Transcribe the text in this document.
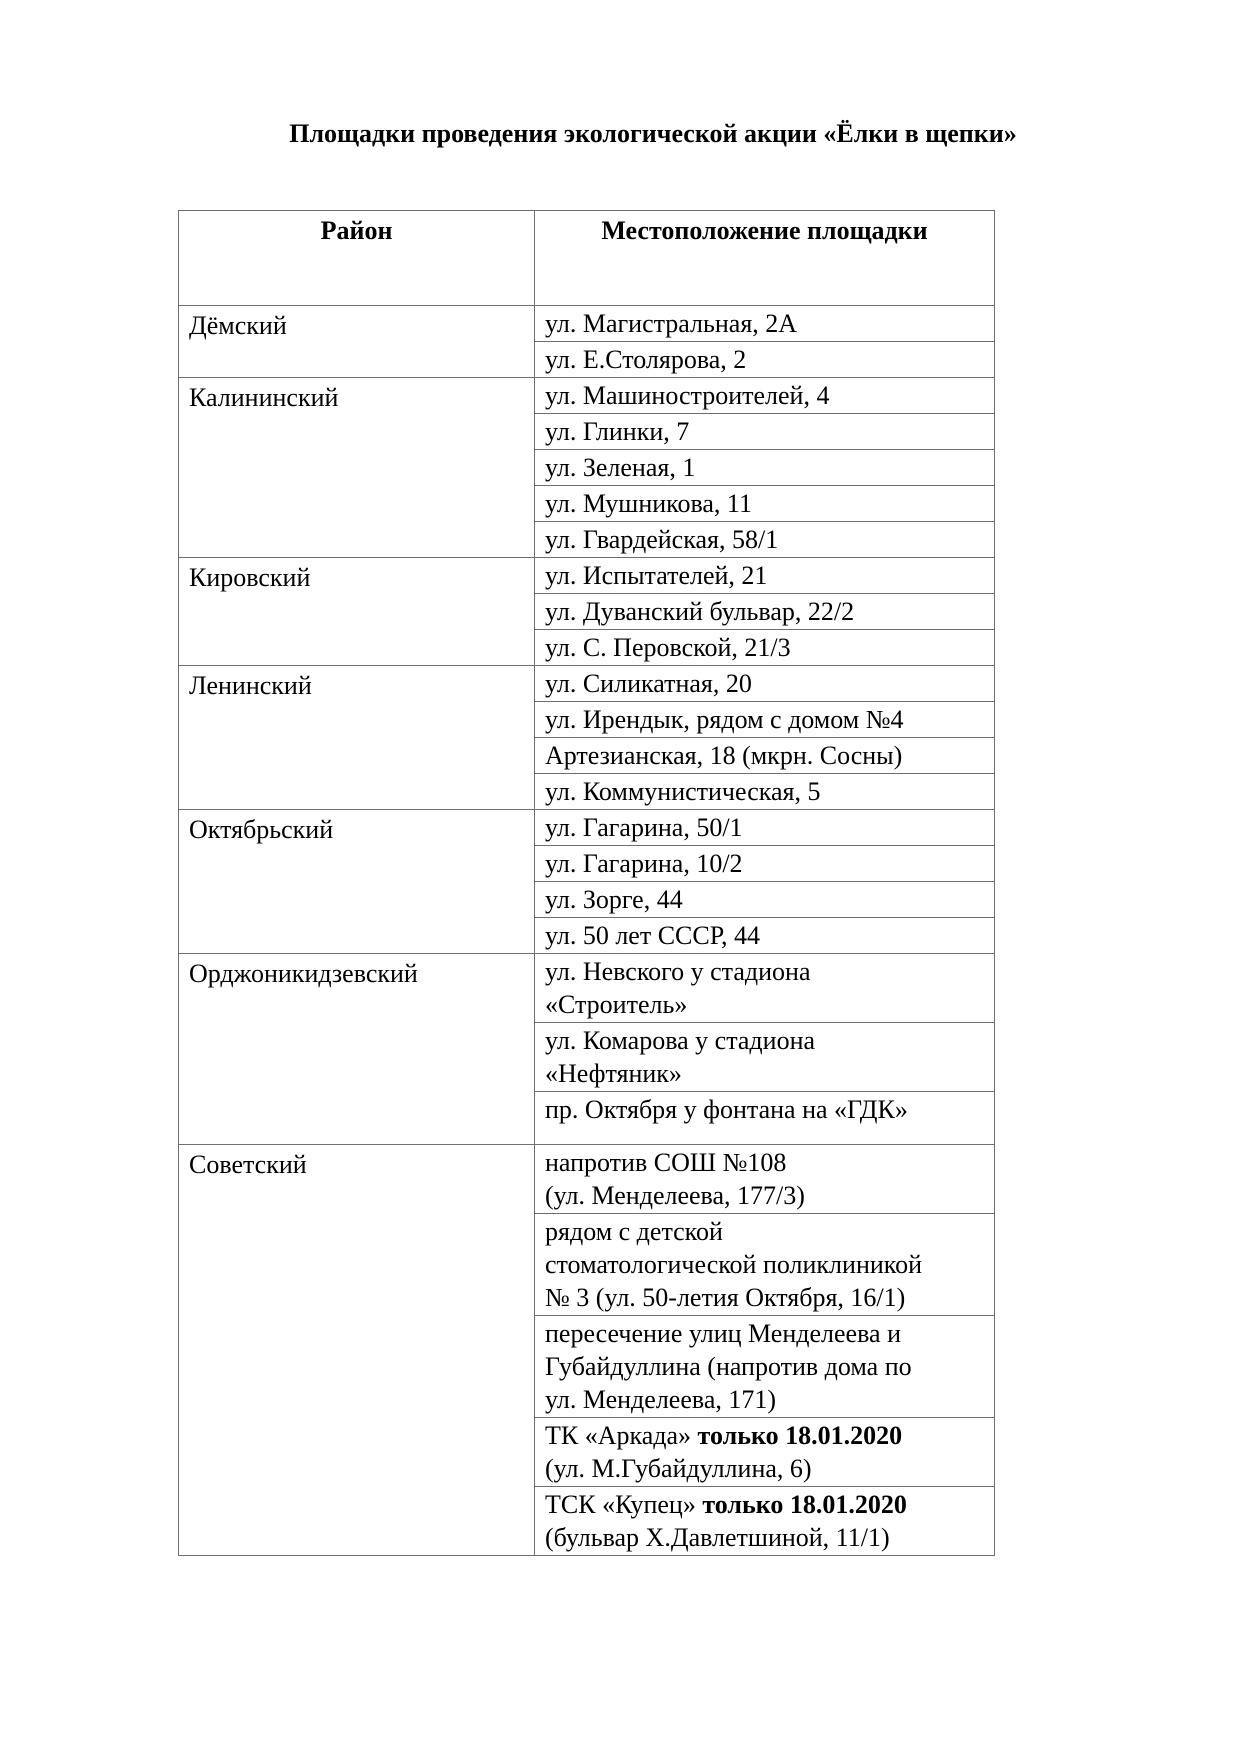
Площадки проведения экологической акции «Ёлки в щепки»
Район	Местоположение площадки
Дёмский	ул. Магистральная, 2А

	ул. Е.Столярова, 2

Калининский	ул. Машиностроителей, 4

	ул. Глинки, 7

	ул. Зеленая, 1

	ул. Мушникова, 11

	ул. Гвардейская, 58/1

Кировский	ул. Испытателей, 21

	ул. Дуванский бульвар, 22/2

	ул. С. Перовской, 21/3

Ленинский	ул. Силикатная, 20

	ул. Ирендык, рядом с домом №4

	Артезианская, 18 (мкрн. Сосны)

	ул. Коммунистическая, 5

Октябрьский	ул. Гагарина, 50/1

	ул. Гагарина, 10/2

	ул. Зорге, 44

	ул. 50 лет СССР, 44

Орджоникидзевский	ул. Невского у стадиона
«Строитель»

	ул. Комарова у стадиона
«Нефтяник»

	пр. Октября у фонтана на «ГДК»

Советский	напротив СОШ №108
(ул. Менделеева, 177/3)

	рядом с детской
стоматологической поликлиникой
№ 3 (ул. 50-летия Октября, 16/1)

	пересечение улиц Менделеева и
Губайдуллина (напротив дома по
ул. Менделеева, 171)

	ТК «Аркада» только 18.01.2020
(ул. М.Губайдуллина, 6)

	ТСК «Купец» только 18.01.2020
(бульвар Х.Давлетшиной, 11/1)
